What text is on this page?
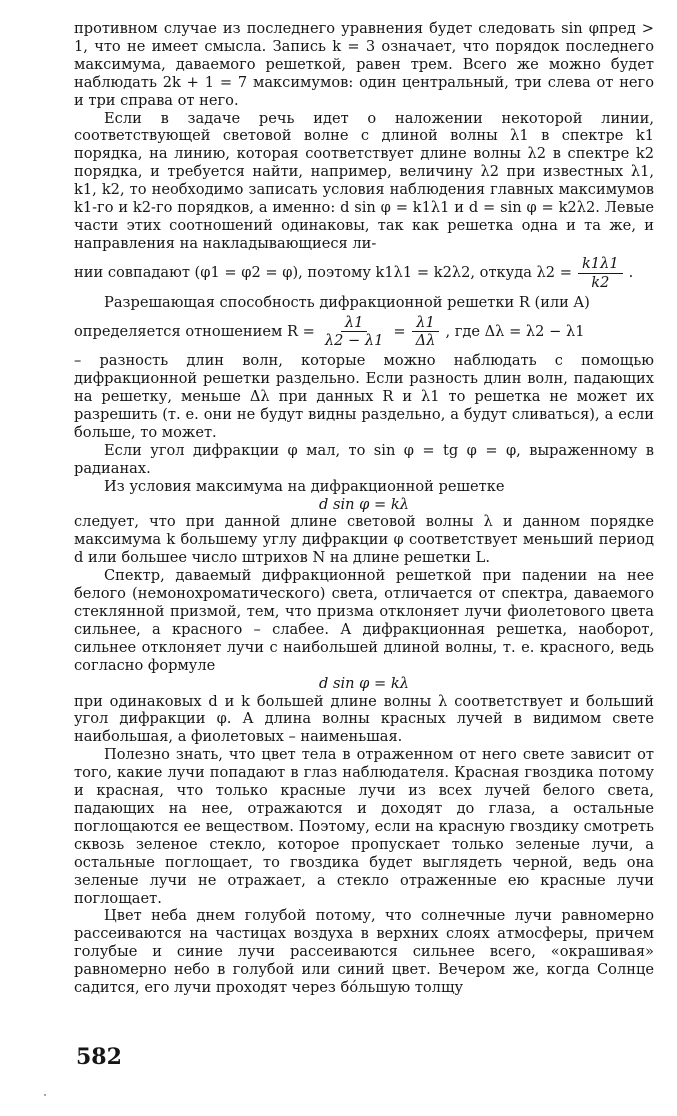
противном случае из последнего уравнения будет следовать sin φпред > 1, что не имеет смысла. Запись k = 3 означает, что порядок последнего максимума, даваемого решеткой, равен трем. Всего же можно будет наблюдать 2k + 1 = 7 максимумов: один центральный, три слева от него и три справа от него.

Если в задаче речь идет о наложении некоторой линии, соответствующей световой волне с длиной волны λ1 в спектре k1 порядка, на линию, которая соответствует длине волны λ2 в спектре k2 порядка, и требуется найти, например, величину λ2 при известных λ1, k1, k2, то необходимо записать условия наблюдения главных максимумов k1-го и k2-го порядков, а именно: d sin φ = k1λ1 и d = sin φ = k2λ2. Левые части этих соотношений одинаковы, так как решетка одна и та же, и направления на накладывающиеся ли-

нии совпадают (φ1 = φ2 = φ), поэтому k1λ1 = k2λ2, откуда $\lambda 2 = \frac{k1\lambda 1}{k2}$ .

Разрешающая способность дифракционной решетки R (или A)

определяется отношением $R = \frac{\lambda 1}{\lambda 2 - \lambda 1} = \frac{\lambda 1}{\Delta\lambda}$ , где Δλ = λ2 − λ1

– разность длин волн, которые можно наблюдать с помощью дифракционной решетки раздельно. Если разность длин волн, падающих на решетку, меньше Δλ при данных R и λ1 то решетка не может их разрешить (т. е. они не будут видны раздельно, а будут сливаться), а если больше, то может.

Если угол дифракции φ мал, то sin φ = tg φ = φ, выраженному в радианах.

Из условия максимума на дифракционной решетке

d sin φ = kλ

следует, что при данной длине световой волны λ и данном порядке максимума k большему углу дифракции φ соответствует меньший период d или большее число штрихов N на длине решетки L.

Спектр, даваемый дифракционной решеткой при падении на нее белого (немонохроматического) света, отличается от спектра, даваемого стеклянной призмой, тем, что призма отклоняет лучи фиолетового цвета сильнее, а красного – слабее. А дифракционная решетка, наоборот, сильнее отклоняет лучи с наибольшей длиной волны, т. е. красного, ведь согласно формуле

d sin φ = kλ

при одинаковых d и k большей длине волны λ соответствует и больший угол дифракции φ. А длина волны красных лучей в видимом свете наибольшая, а фиолетовых – наименьшая.

Полезно знать, что цвет тела в отраженном от него свете зависит от того, какие лучи попадают в глаз наблюдателя. Красная гвоздика потому и красная, что только красные лучи из всех лучей белого света, падающих на нее, отражаются и доходят до глаза, а остальные поглощаются ее веществом. Поэтому, если на красную гвоздику смотреть сквозь зеленое стекло, которое пропускает только зеленые лучи, а остальные поглощает, то гвоздика будет выглядеть черной, ведь она зеленые лучи не отражает, а стекло отраженные ею красные лучи поглощает.

Цвет неба днем голубой потому, что солнечные лучи равномерно рассеиваются на частицах воздуха в верхних слоях атмосферы, причем голубые и синие лучи рассеиваются сильнее всего, «окрашивая» равномерно небо в голубой или синий цвет. Вечером же, когда Солнце садится, его лучи проходят через бóльшую толщу

582
